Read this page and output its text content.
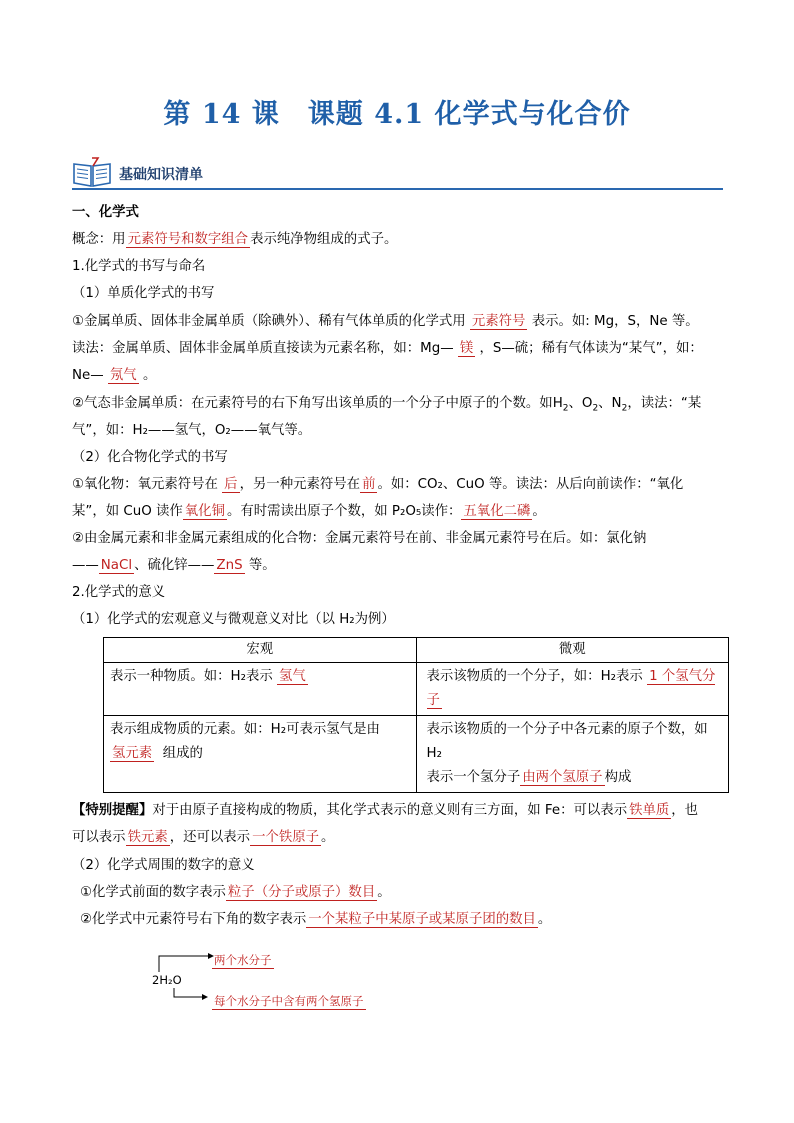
第 14 课　课题 4.1 化学式与化合价
基础知识清单
一、化学式
概念：用 元素符号和数字组合 表示纯净物组成的式子。
1.化学式的书写与命名
（1）单质化学式的书写
①金属单质、固体非金属单质（除碘外）、稀有气体单质的化学式用 元素符号 表示。如: Mg，S，Ne 等。
读法：金属单质、固体非金属单质直接读为元素名称，如：Mg— 镁 ，S—硫；稀有气体读为“某气”，如：
Ne— 氖气 。
②气态非金属单质：在元素符号的右下角写出该单质的一个分子中原子的个数。如$H_2$、$O_2$、$N_2$，读法：“某
气”，如：H₂——氢气，O₂——氧气等。
（2）化合物化学式的书写
①氧化物：氧元素符号在 后 ，另一种元素符号在 前 。如：CO₂、CuO 等。读法：从后向前读作：“氧化
某”，如 CuO 读作 氧化铜 。有时需读出原子个数，如 P₂O₅读作： 五氧化二磷 。
②由金属元素和非金属元素组成的化合物：金属元素符号在前、非金属元素符号在后。如：氯化钠
—— NaCl 、硫化锌—— ZnS 等。
2.化学式的意义
（1）化学式的宏观意义与微观意义对比（以 H₂为例）
宏观	微观
表示一种物质。如：H₂表示 氢气	表示该物质的一个分子，如：H₂表示 1 个氢气分子
表示组成物质的元素。如：H₂可表示氢气是由
氢元素 组成的	表示该物质的一个分子中各元素的原子个数，如 H₂
表示一个氢分子 由两个氢原子 构成
【特别提醒】对于由原子直接构成的物质，其化学式表示的意义则有三方面，如 Fe：可以表示 铁单质 ，也
可以表示 铁元素 ，还可以表示 一个铁原子 。
（2）化学式周围的数字的意义
①化学式前面的数字表示 粒子（分子或原子）数目 。
②化学式中元素符号右下角的数字表示 一个某粒子中某原子或某原子团的数目 。
2H₂O
两个水分子
每个水分子中含有两个氢原子
